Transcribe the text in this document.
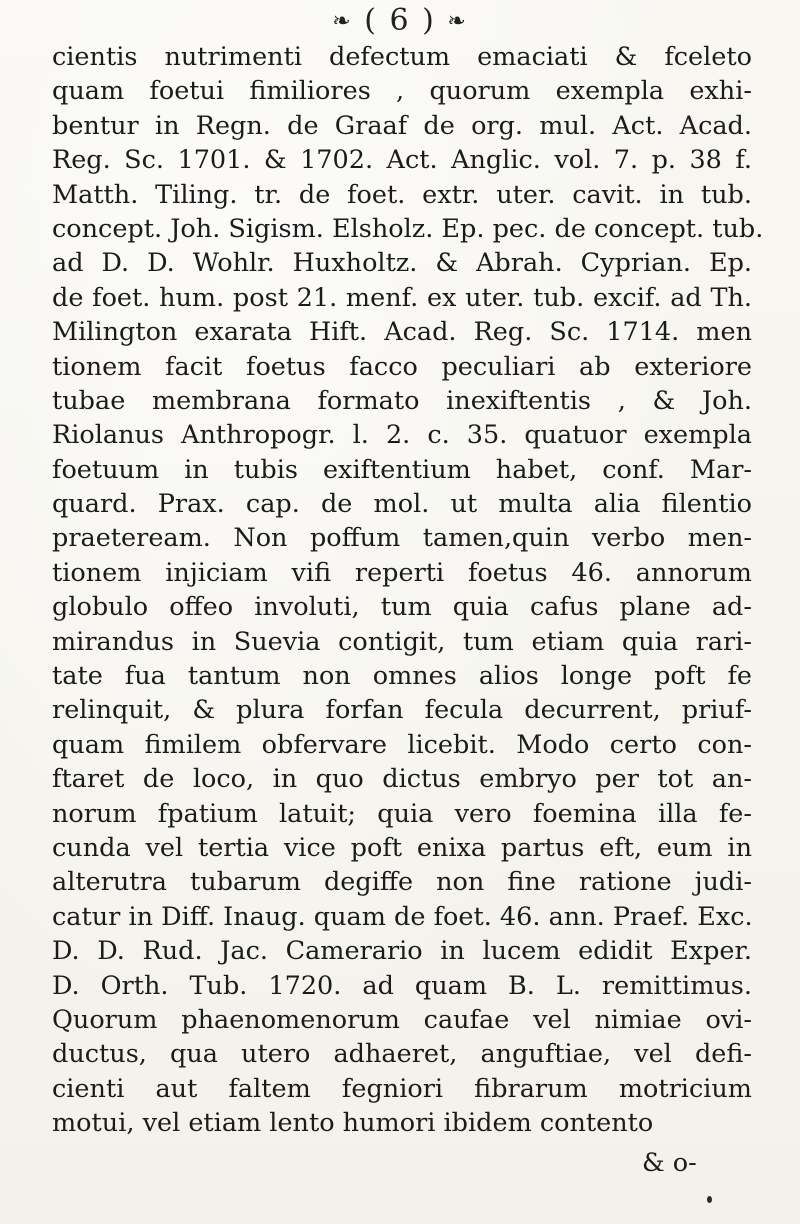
❧ ( 6 ) ❧
cientis nutrimenti defectum emaciati & fceleto
quam foetui fimiliores , quorum exempla exhi-
bentur in Regn. de Graaf de org. mul. Act. Acad.
Reg. Sc. 1701. & 1702. Act. Anglic. vol. 7. p. 38 f.
Matth. Tiling. tr. de foet. extr. uter. cavit. in tub.
concept. Joh. Sigism. Elsholz. Ep. pec. de concept. tub.
ad D. D. Wohlr. Huxholtz. & Abrah. Cyprian. Ep.
de foet. hum. post 21. menf. ex uter. tub. excif. ad Th.
Milington exarata Hift. Acad. Reg. Sc. 1714. men
tionem facit foetus facco peculiari ab exteriore
tubae membrana formato inexiftentis , & Joh.
Riolanus Anthropogr. l. 2. c. 35. quatuor exempla
foetuum in tubis exiftentium habet, conf. Mar-
quard. Prax. cap. de mol. ut multa alia filentio
praeteream. Non poffum tamen,quin verbo men-
tionem injiciam vifi reperti foetus 46. annorum
globulo offeo involuti, tum quia cafus plane ad-
mirandus in Suevia contigit, tum etiam quia rari-
tate fua tantum non omnes alios longe poft fe
relinquit, & plura forfan fecula decurrent, priuf-
quam fimilem obfervare licebit. Modo certo con-
ftaret de loco, in quo dictus embryo per tot an-
norum fpatium latuit; quia vero foemina illa fe-
cunda vel tertia vice poft enixa partus eft, eum in
alterutra tubarum degiffe non fine ratione judi-
catur in Diff. Inaug. quam de foet. 46. ann. Praef. Exc.
D. D. Rud. Jac. Camerario in lucem edidit Exper.
D. Orth. Tub. 1720. ad quam B. L. remittimus.
Quorum phaenomenorum caufae vel nimiae ovi-
ductus, qua utero adhaeret, anguftiae, vel defi-
cienti aut faltem fegniori fibrarum motricium
motui, vel etiam lento humori ibidem contento
& o-
